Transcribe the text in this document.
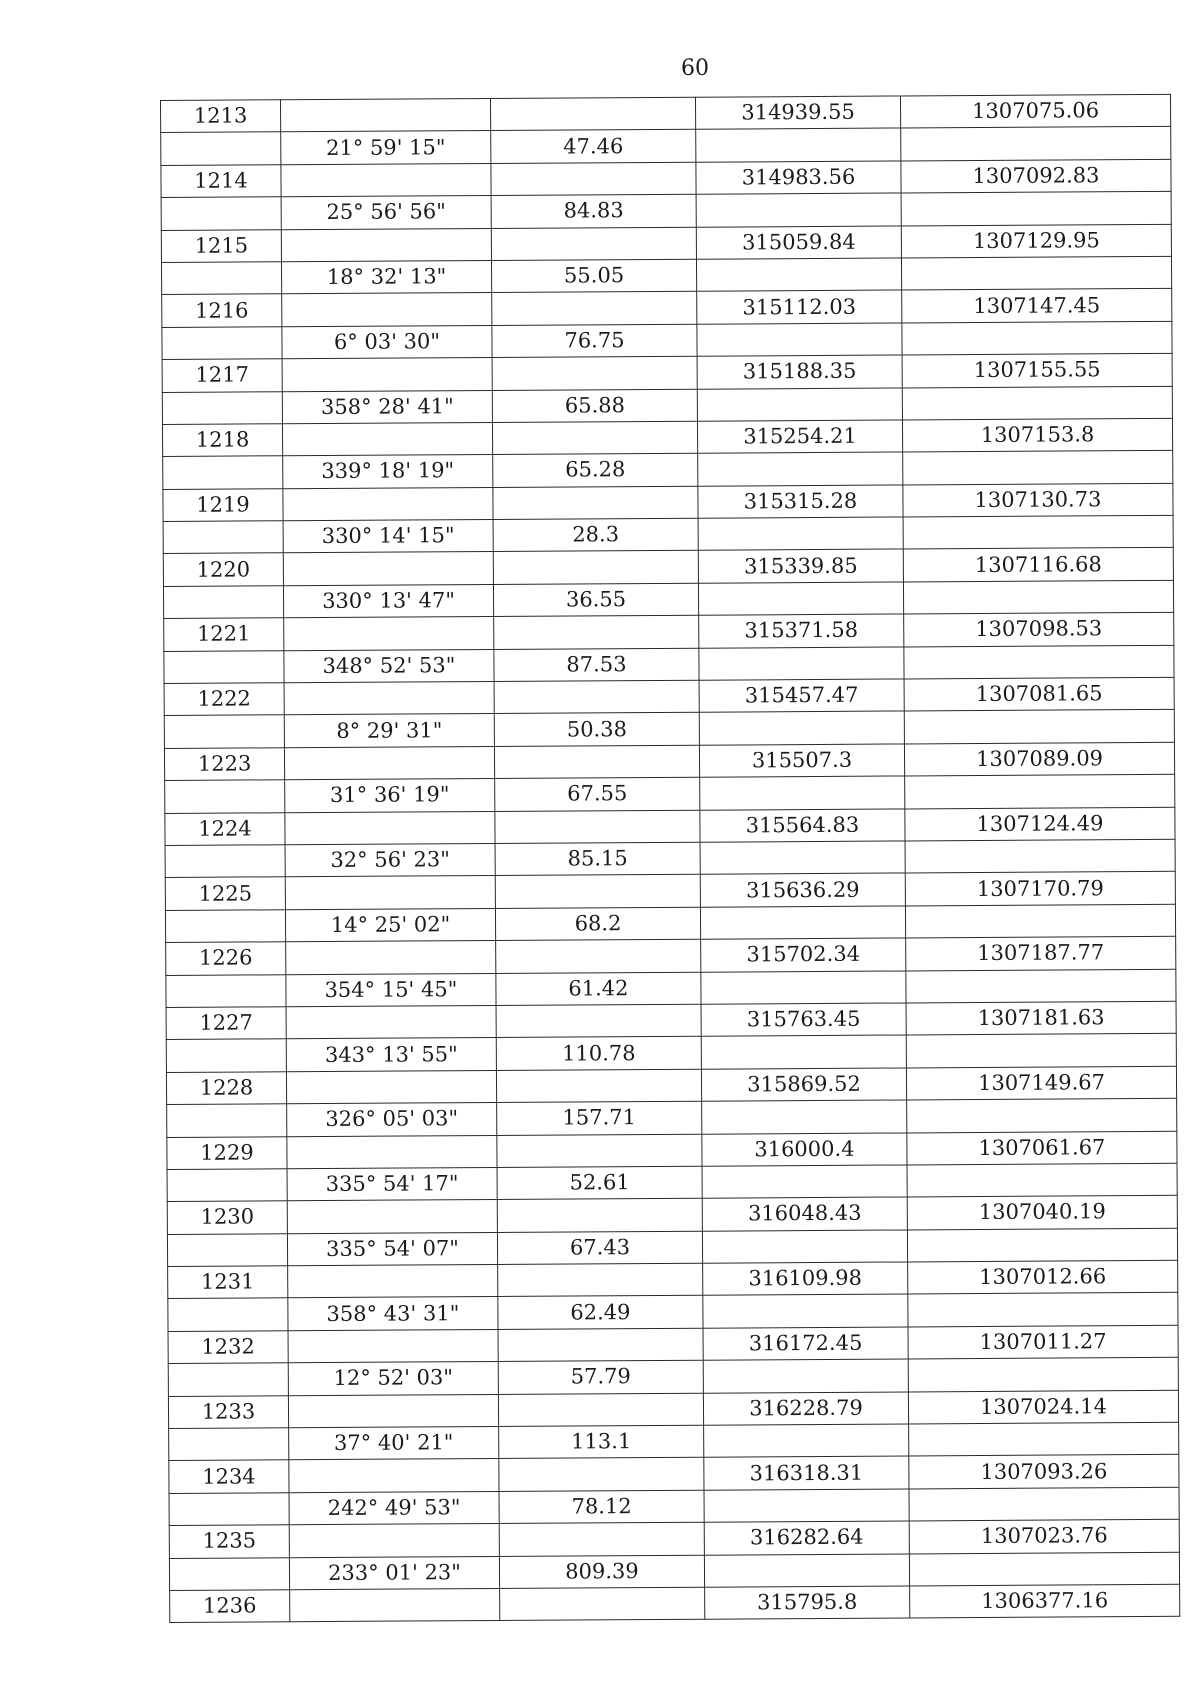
60
1213			314939.55	1307075.06
	21° 59' 15"	47.46		
1214			314983.56	1307092.83
	25° 56' 56"	84.83		
1215			315059.84	1307129.95
	18° 32' 13"	55.05		
1216			315112.03	1307147.45
	6° 03' 30"	76.75		
1217			315188.35	1307155.55
	358° 28' 41"	65.88		
1218			315254.21	1307153.8
	339° 18' 19"	65.28		
1219			315315.28	1307130.73
	330° 14' 15"	28.3		
1220			315339.85	1307116.68
	330° 13' 47"	36.55		
1221			315371.58	1307098.53
	348° 52' 53"	87.53		
1222			315457.47	1307081.65
	8° 29' 31"	50.38		
1223			315507.3	1307089.09
	31° 36' 19"	67.55		
1224			315564.83	1307124.49
	32° 56' 23"	85.15		
1225			315636.29	1307170.79
	14° 25' 02"	68.2		
1226			315702.34	1307187.77
	354° 15' 45"	61.42		
1227			315763.45	1307181.63
	343° 13' 55"	110.78		
1228			315869.52	1307149.67
	326° 05' 03"	157.71		
1229			316000.4	1307061.67
	335° 54' 17"	52.61		
1230			316048.43	1307040.19
	335° 54' 07"	67.43		
1231			316109.98	1307012.66
	358° 43' 31"	62.49		
1232			316172.45	1307011.27
	12° 52' 03"	57.79		
1233			316228.79	1307024.14
	37° 40' 21"	113.1		
1234			316318.31	1307093.26
	242° 49' 53"	78.12		
1235			316282.64	1307023.76
	233° 01' 23"	809.39		
1236			315795.8	1306377.16
